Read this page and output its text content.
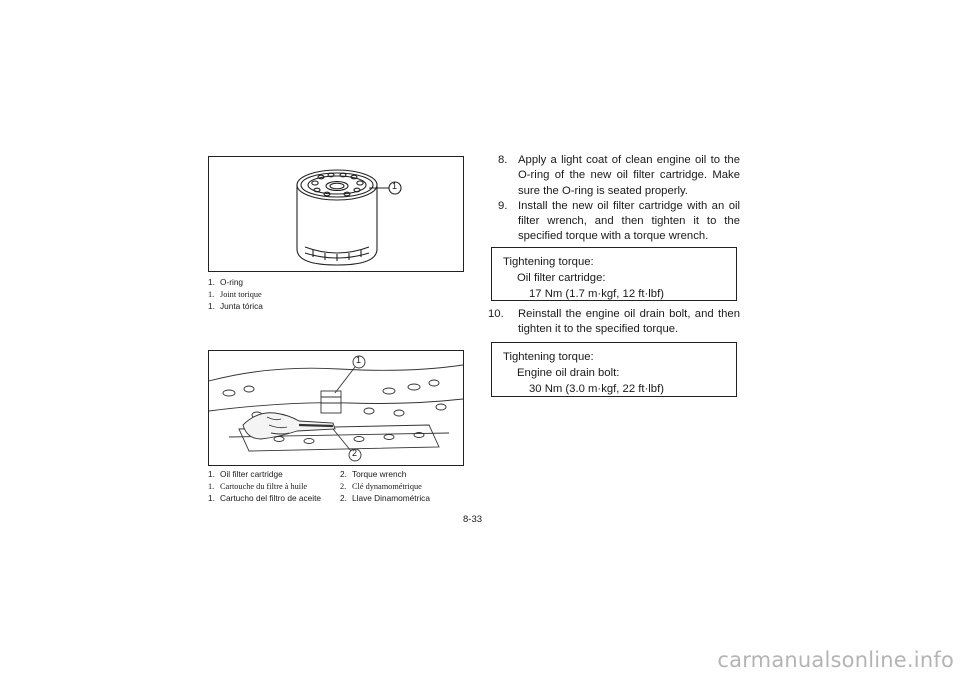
1
1. O-ring
1. Joint torique
1. Junta tórica
1
2
1. Oil filter cartridge	2. Torque wrench
1. Cartouche du filtre à huile	2. Clé dynamométrique
1. Cartucho del filtro de aceite 2. Llave Dinamométrica
8. Apply a light coat of clean engine oil to the O-ring of the new oil filter cartridge. Make sure the O-ring is seated properly.
9. Install the new oil filter cartridge with an oil filter wrench, and then tighten it to the specified torque with a torque wrench.
Tightening torque:
Oil filter cartridge:
17 Nm (1.7 m·kgf, 12 ft·lbf)
10. Reinstall the engine oil drain bolt, and then tighten it to the specified torque.
Tightening torque:
Engine oil drain bolt:
30 Nm (3.0 m·kgf, 22 ft·lbf)
8-33
carmanualsonline.info
